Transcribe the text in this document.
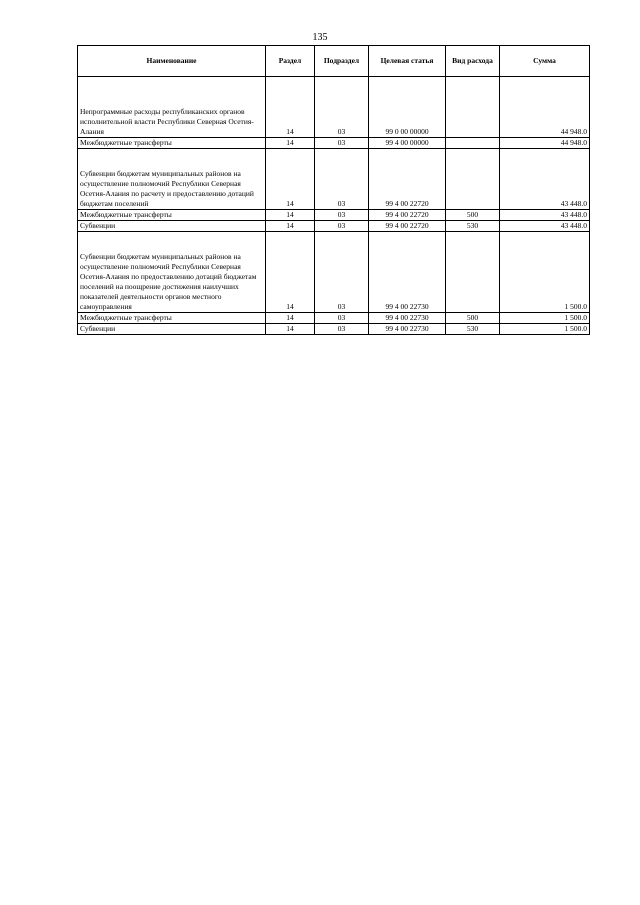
135
Наименование	Раздел	Подраздел	Целевая статья	Вид расхода	Сумма
Непрограммные расходы республиканских органов исполнительной власти Республики Северная Осетия-Алания	14	03	99 0 00 00000		44 948.0
Межбюджетные трансферты	14	03	99 4 00 00000		44 948.0
Субвенции бюджетам муниципальных районов на осуществление полномочий Республики Северная Осетия-Алания по расчету и предоставлению дотаций бюджетам поселений	14	03	99 4 00 22720		43 448.0
Межбюджетные трансферты	14	03	99 4 00 22720	500	43 448.0
Субвенции	14	03	99 4 00 22720	530	43 448.0
Субвенции бюджетам муниципальных районов на осуществление полномочий Республики Северная Осетия-Алания по предоставлению дотаций бюджетам поселений на поощрение достижения наилучших показателей деятельности органов местного самоуправления	14	03	99 4 00 22730		1 500.0
Межбюджетные трансферты	14	03	99 4 00 22730	500	1 500.0
Субвенции	14	03	99 4 00 22730	530	1 500.0
